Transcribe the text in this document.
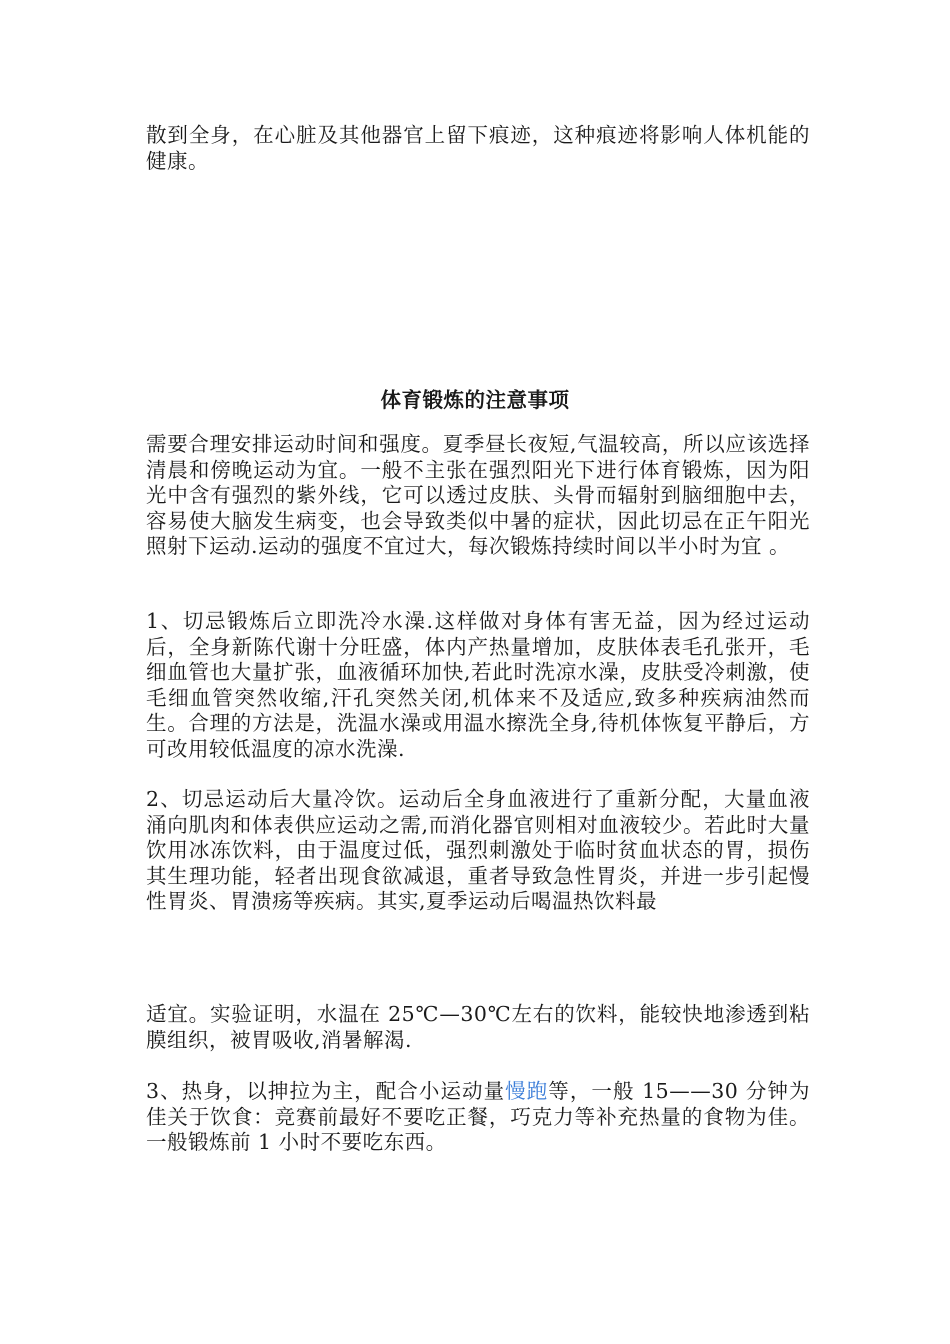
散到全身，在心脏及其他器官上留下痕迹，这种痕迹将影响人体机能的健康。

体育锻炼的注意事项

需要合理安排运动时间和强度。夏季昼长夜短,气温较高，所以应该选择清晨和傍晚运动为宜。一般不主张在强烈阳光下进行体育锻炼，因为阳光中含有强烈的紫外线，它可以透过皮肤、头骨而辐射到脑细胞中去，容易使大脑发生病变，也会导致类似中暑的症状，因此切忌在正午阳光照射下运动.运动的强度不宜过大，每次锻炼持续时间以半小时为宜 。

1、切忌锻炼后立即洗冷水澡.这样做对身体有害无益，因为经过运动后，全身新陈代谢十分旺盛，体内产热量增加，皮肤体表毛孔张开，毛细血管也大量扩张，血液循环加快,若此时洗凉水澡，皮肤受冷刺激，使毛细血管突然收缩,汗孔突然关闭,机体来不及适应,致多种疾病油然而生。合理的方法是，洗温水澡或用温水擦洗全身,待机体恢复平静后，方可改用较低温度的凉水洗澡.

2、切忌运动后大量冷饮。运动后全身血液进行了重新分配，大量血液涌向肌肉和体表供应运动之需,而消化器官则相对血液较少。若此时大量饮用冰冻饮料，由于温度过低，强烈刺激处于临时贫血状态的胃，损伤其生理功能，轻者出现食欲减退，重者导致急性胃炎，并进一步引起慢性胃炎、胃溃疡等疾病。其实,夏季运动后喝温热饮料最

适宜。实验证明，水温在 25℃—30℃左右的饮料，能较快地渗透到粘膜组织，被胃吸收,消暑解渴.

3、热身，以抻拉为主，配合小运动量慢跑等，一般 15——30 分钟为佳关于饮食：竞赛前最好不要吃正餐，巧克力等补充热量的食物为佳。一般锻炼前 1 小时不要吃东西。
